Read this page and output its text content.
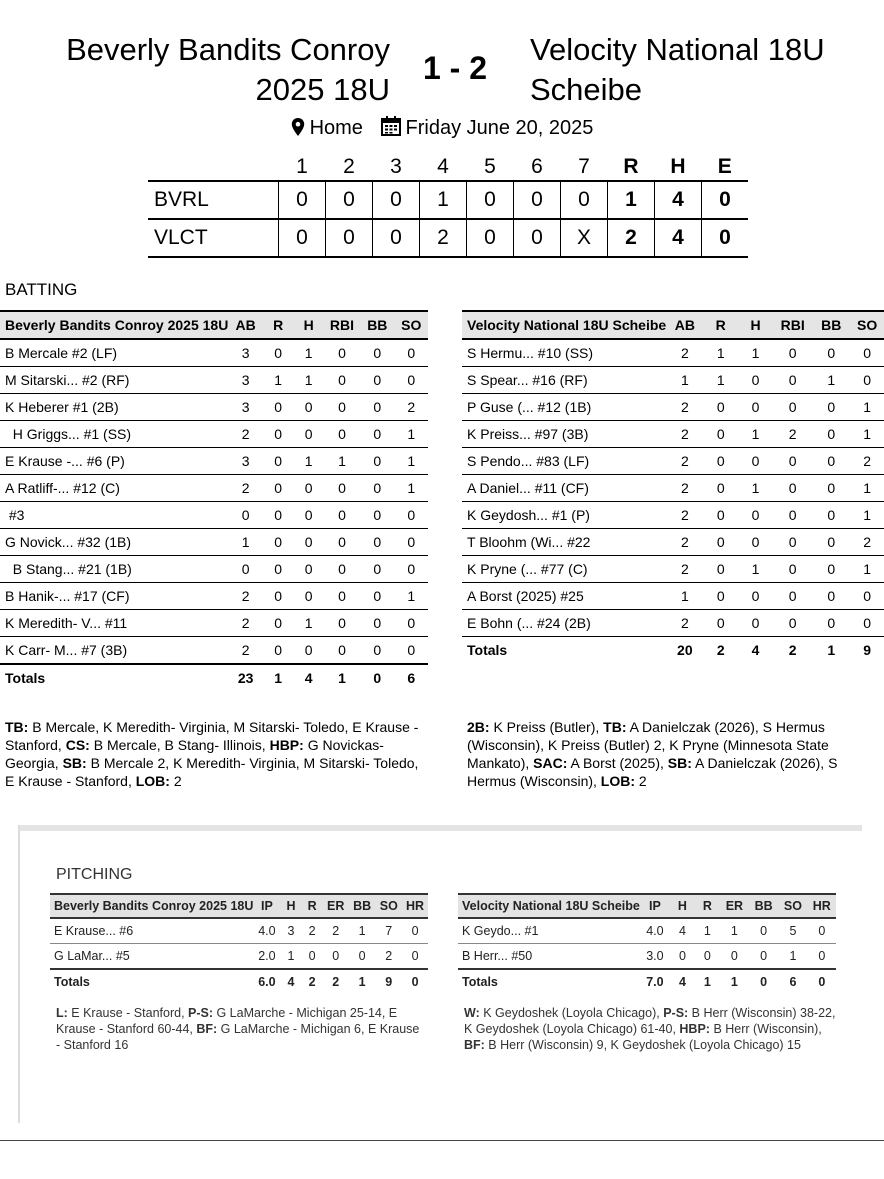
Beverly Bandits Conroy 2025 18U
1 - 2
Velocity National 18U Scheibe
Home Friday June 20, 2025
	1	2	3	4	5	6	7	R	H	E
BVRL	0	0	0	1	0	0	0	1	4	0
VLCT	0	0	0	2	0	0	X	2	4	0
BATTING
Beverly Bandits Conroy 2025 18U	AB	R	H	RBI	BB	SO
B Mercale #2 (LF)	3	0	1	0	0	0
M Sitarski... #2 (RF)	3	1	1	0	0	0
K Heberer #1 (2B)	3	0	0	0	0	2
H Griggs... #1 (SS)	2	0	0	0	0	1
E Krause -... #6 (P)	3	0	1	1	0	1
A Ratliff-... #12 (C)	2	0	0	0	0	1
#3	0	0	0	0	0	0
G Novick... #32 (1B)	1	0	0	0	0	0
B Stang... #21 (1B)	0	0	0	0	0	0
B Hanik-... #17 (CF)	2	0	0	0	0	1
K Meredith- V... #11	2	0	1	0	0	0
K Carr- M... #7 (3B)	2	0	0	0	0	0
Totals	23	1	4	1	0	6
Velocity National 18U Scheibe	AB	R	H	RBI	BB	SO
S Hermu... #10 (SS)	2	1	1	0	0	0
S Spear... #16 (RF)	1	1	0	0	1	0
P Guse (... #12 (1B)	2	0	0	0	0	1
K Preiss... #97 (3B)	2	0	1	2	0	1
S Pendo... #83 (LF)	2	0	0	0	0	2
A Daniel... #11 (CF)	2	0	1	0	0	1
K Geydosh... #1 (P)	2	0	0	0	0	1
T Bloohm (Wi... #22	2	0	0	0	0	2
K Pryne (... #77 (C)	2	0	1	0	0	1
A Borst (2025) #25	1	0	0	0	0	0
E Bohn (... #24 (2B)	2	0	0	0	0	0
Totals	20	2	4	2	1	9
TB: B Mercale, K Meredith- Virginia, M Sitarski- Toledo, E Krause - Stanford, CS: B Mercale, B Stang- Illinois, HBP: G Novickas-Georgia, SB: B Mercale 2, K Meredith- Virginia, M Sitarski- Toledo, E Krause - Stanford, LOB: 2
2B: K Preiss (Butler), TB: A Danielczak (2026), S Hermus (Wisconsin), K Preiss (Butler) 2, K Pryne (Minnesota State Mankato), SAC: A Borst (2025), SB: A Danielczak (2026), S Hermus (Wisconsin), LOB: 2
PITCHING
Beverly Bandits Conroy 2025 18U	IP	H	R	ER	BB	SO	HR
E Krause... #6	4.0	3	2	2	1	7	0
G LaMar... #5	2.0	1	0	0	0	2	0
Totals	6.0	4	2	2	1	9	0
Velocity National 18U Scheibe	IP	H	R	ER	BB	SO	HR
K Geydo... #1	4.0	4	1	1	0	5	0
B Herr... #50	3.0	0	0	0	0	1	0
Totals	7.0	4	1	1	0	6	0
L: E Krause - Stanford, P-S: G LaMarche - Michigan 25-14, E Krause - Stanford 60-44, BF: G LaMarche - Michigan 6, E Krause - Stanford 16
W: K Geydoshek (Loyola Chicago), P-S: B Herr (Wisconsin) 38-22, K Geydoshek (Loyola Chicago) 61-40, HBP: B Herr (Wisconsin), BF: B Herr (Wisconsin) 9, K Geydoshek (Loyola Chicago) 15
